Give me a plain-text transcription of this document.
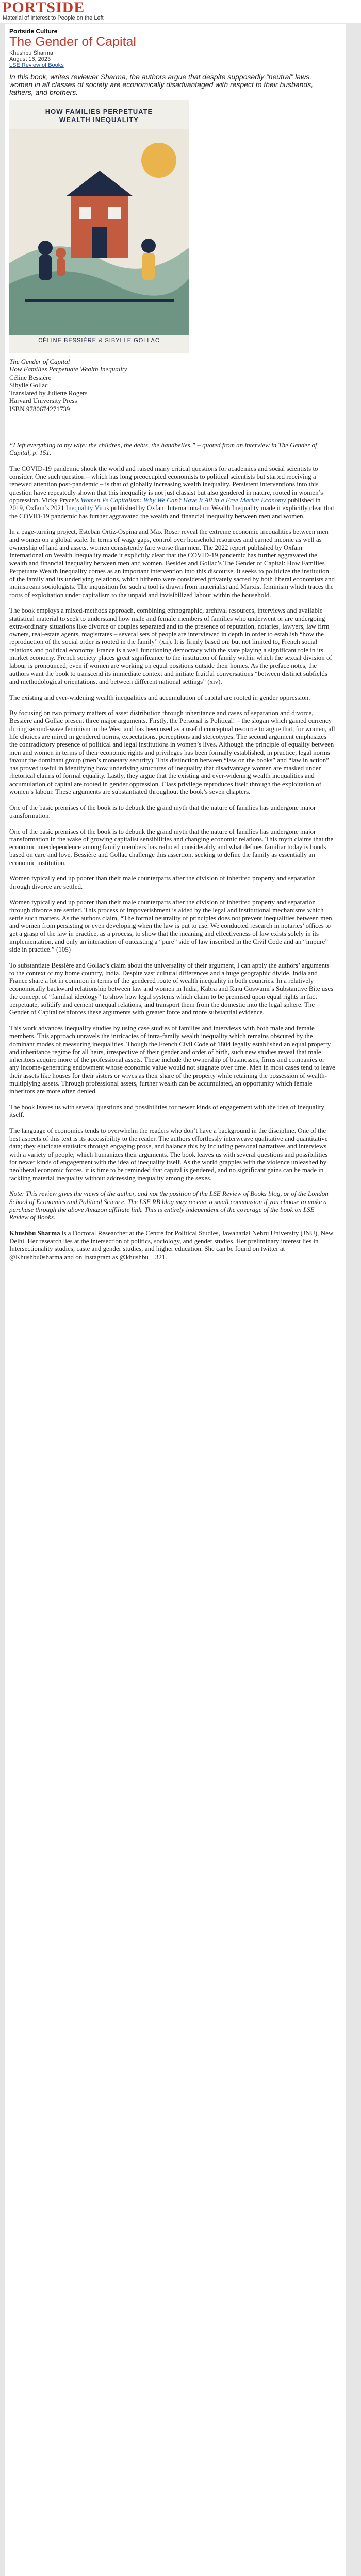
PORTSIDE
Material of Interest to People on the Left
Portside Culture
The Gender of Capital
Khushbu Sharma
August 16, 2023
LSE Review of Books

In this book, writes reviewer Sharma, the authors argue that despite supposedly “neutral” laws, women in all classes of society are economically disadvantaged with respect to their husbands, fathers, and brothers.

HOW FAMILIES PERPETUATE
WEALTH INEQUALITY
CÉLINE BESSIÈRE & SIBYLLE GOLLAC
The Gender of Capital
How Families Perpetuate Wealth Inequality
Céline Bessière
Sibylle Gollac
Translated by Juliette Rogers
Harvard University Press
ISBN 9780674271739

“I left everything to my wife: the children, the debts, the handbelles.” – quoted from an interview in The Gender of Capital, p. 151.

The COVID-19 pandemic shook the world and raised many critical questions for academics and social scientists to consider. One such question – which has long preoccupied economists to political scientists but started receiving a renewed attention post-pandemic – is that of globally increasing wealth inequality. Persistent interventions into this question have repeatedly shown that this inequality is not just classist but also gendered in nature, rooted in women’s oppression. Vicky Pryce’s Women Vs Capitalism: Why We Can’t Have It All in a Free Market Economy published in 2019, Oxfam’s 2021 Inequality Virus published by Oxfam International on Wealth Inequality made it explicitly clear that the COVID-19 pandemic has further aggravated the wealth and financial inequality between men and women.

In a page-turning project, Esteban Ortiz-Ospina and Max Roser reveal the extreme economic inequalities between men and women on a global scale. In terms of wage gaps, control over household resources and earned income as well as ownership of land and assets, women consistently fare worse than men. The 2022 report published by Oxfam International on Wealth Inequality made it explicitly clear that the COVID-19 pandemic has further aggravated the wealth and financial inequality between men and women. Besides and Gollac’s The Gender of Capital: How Families Perpetuate Wealth Inequality comes as an important intervention into this discourse. It seeks to politicize the institution of the family and its underlying relations, which hitherto were considered privately sacred by both liberal economists and mainstream sociologists. The inquisition for such a tool is drawn from materialist and Marxist feminism which traces the roots of exploitation under capitalism to the unpaid and invisibilized labour within the household.

The book employs a mixed-methods approach, combining ethnographic, archival resources, interviews and available statistical material to seek to understand how male and female members of families who underwent or are undergoing extra-ordinary situations like divorce or couples separated and to the presence of reputation, notaries, lawyers, law firm owners, real-estate agents, magistrates – several sets of people are interviewed in depth in order to establish “how the reproduction of the social order is rooted in the family” (xii). It is firmly based on, but not limited to, French social relations and political economy. France is a well functioning democracy with the state playing a significant role in its market economy. French society places great significance to the institution of family within which the sexual division of labour is pronounced, even if women are working on equal positions outside their homes. As the preface notes, the authors want the book to transcend its immediate context and initiate fruitful conversations “between distinct subfields and methodological orientations, and between different national settings” (xiv).

The existing and ever-widening wealth inequalities and accumulation of capital are rooted in gender oppression.

By focusing on two primary matters of asset distribution through inheritance and cases of separation and divorce, Bessière and Gollac present three major arguments. Firstly, the Personal is Political! – the slogan which gained currency during second-wave feminism in the West and has been used as a useful conceptual resource to argue that, for women, all life choices are mired in gendered norms, expectations, perceptions and stereotypes. The second argument emphasizes the contradictory presence of political and legal institutions in women’s lives. Although the principle of equality between men and women in terms of their economic rights and privileges has been formally established, in practice, legal norms favour the dominant group (men’s monetary security). This distinction between “law on the books” and “law in action” has proved useful in identifying how underlying structures of inequality that disadvantage women are masked under rhetorical claims of formal equality. Lastly, they argue that the existing and ever-widening wealth inequalities and accumulation of capital are rooted in gender oppression. Class privilege reproduces itself through the exploitation of women’s labour. These arguments are substantiated throughout the book’s seven chapters.

One of the basic premises of the book is to debunk the grand myth that the nature of families has undergone major transformation.

One of the basic premises of the book is to debunk the grand myth that the nature of families has undergone major transformation in the wake of growing capitalist sensibilities and changing economic relations. This myth claims that the economic interdependence among family members has reduced considerably and what defines familiar today is bonds based on care and love. Bessière and Gollac challenge this assertion, seeking to define the family as essentially an economic institution.

Women typically end up poorer than their male counterparts after the division of inherited property and separation through divorce are settled.

Women typically end up poorer than their male counterparts after the division of inherited property and separation through divorce are settled. This process of impoverishment is aided by the legal and institutional mechanisms which settle such matters. As the authors claim, “The formal neutrality of principles does not prevent inequalities between men and women from persisting or even developing when the law is put to use. We conducted research in notaries’ offices to get a grasp of the law in practice, as a process, to show that the meaning and effectiveness of law exists solely in its implementation, and only an interaction of outcasting a “pure” side of law inscribed in the Civil Code and an “impure” side in practice.” (105)

To substantiate Bessière and Gollac’s claim about the universality of their argument, I can apply the authors’ arguments to the context of my home country, India. Despite vast cultural differences and a huge geographic divide, India and France share a lot in common in terms of the gendered route of wealth inequality in both countries. In a relatively economically backward relationship between law and women in India, Kabra and Raju Goswami’s Substantive Bite uses the concept of “familial ideology” to show how legal systems which claim to be premised upon equal rights in fact perpetuate, solidify and cement unequal relations, and transport them from the domestic into the legal sphere. The Gender of Capital reinforces these arguments with greater force and more substantial evidence.

This work advances inequality studies by using case studies of families and interviews with both male and female members. This approach unravels the intricacies of intra-family wealth inequality which remains obscured by the dominant modes of measuring inequalities. Though the French Civil Code of 1804 legally established an equal property and inheritance regime for all heirs, irrespective of their gender and order of birth, such new studies reveal that male inheritors acquire more of the professional assets. These include the ownership of businesses, firms and companies or any income-generating endowment whose economic value would not stagnate over time. Men in most cases tend to leave their assets like houses for their sisters or wives as their share of the property while retaining the possession of wealth-multiplying assets. Through professional assets, further wealth can be accumulated, an opportunity which female inheritors are more often denied.

The book leaves us with several questions and possibilities for newer kinds of engagement with the idea of inequality itself.

The language of economics tends to overwhelm the readers who don’t have a background in the discipline. One of the best aspects of this text is its accessibility to the reader. The authors effortlessly interweave qualitative and quantitative data; they elucidate statistics through engaging prose, and balance this by including personal narratives and interviews with a variety of people; which humanizes their arguments. The book leaves us with several questions and possibilities for newer kinds of engagement with the idea of inequality itself. As the world grapples with the violence unleashed by neoliberal economic forces, it is time to be reminded that capital is gendered, and no significant gains can be made in tackling material inequality without addressing inequality among the sexes.

Note: This review gives the views of the author, and not the position of the LSE Review of Books blog, or of the London School of Economics and Political Science. The LSE RB blog may receive a small commission if you choose to make a purchase through the above Amazon affiliate link. This is entirely independent of the coverage of the book on LSE Review of Books.

Khushbu Sharma is a Doctoral Researcher at the Centre for Political Studies, Jawaharlal Nehru University (JNU), New Delhi. Her research lies at the intersection of politics, sociology, and gender studies. Her preliminary interest lies in Intersectionality studies, caste and gender studies, and higher education. She can be found on twitter at @Khushbu0sharma and on Instagram as @khushbu__321.
